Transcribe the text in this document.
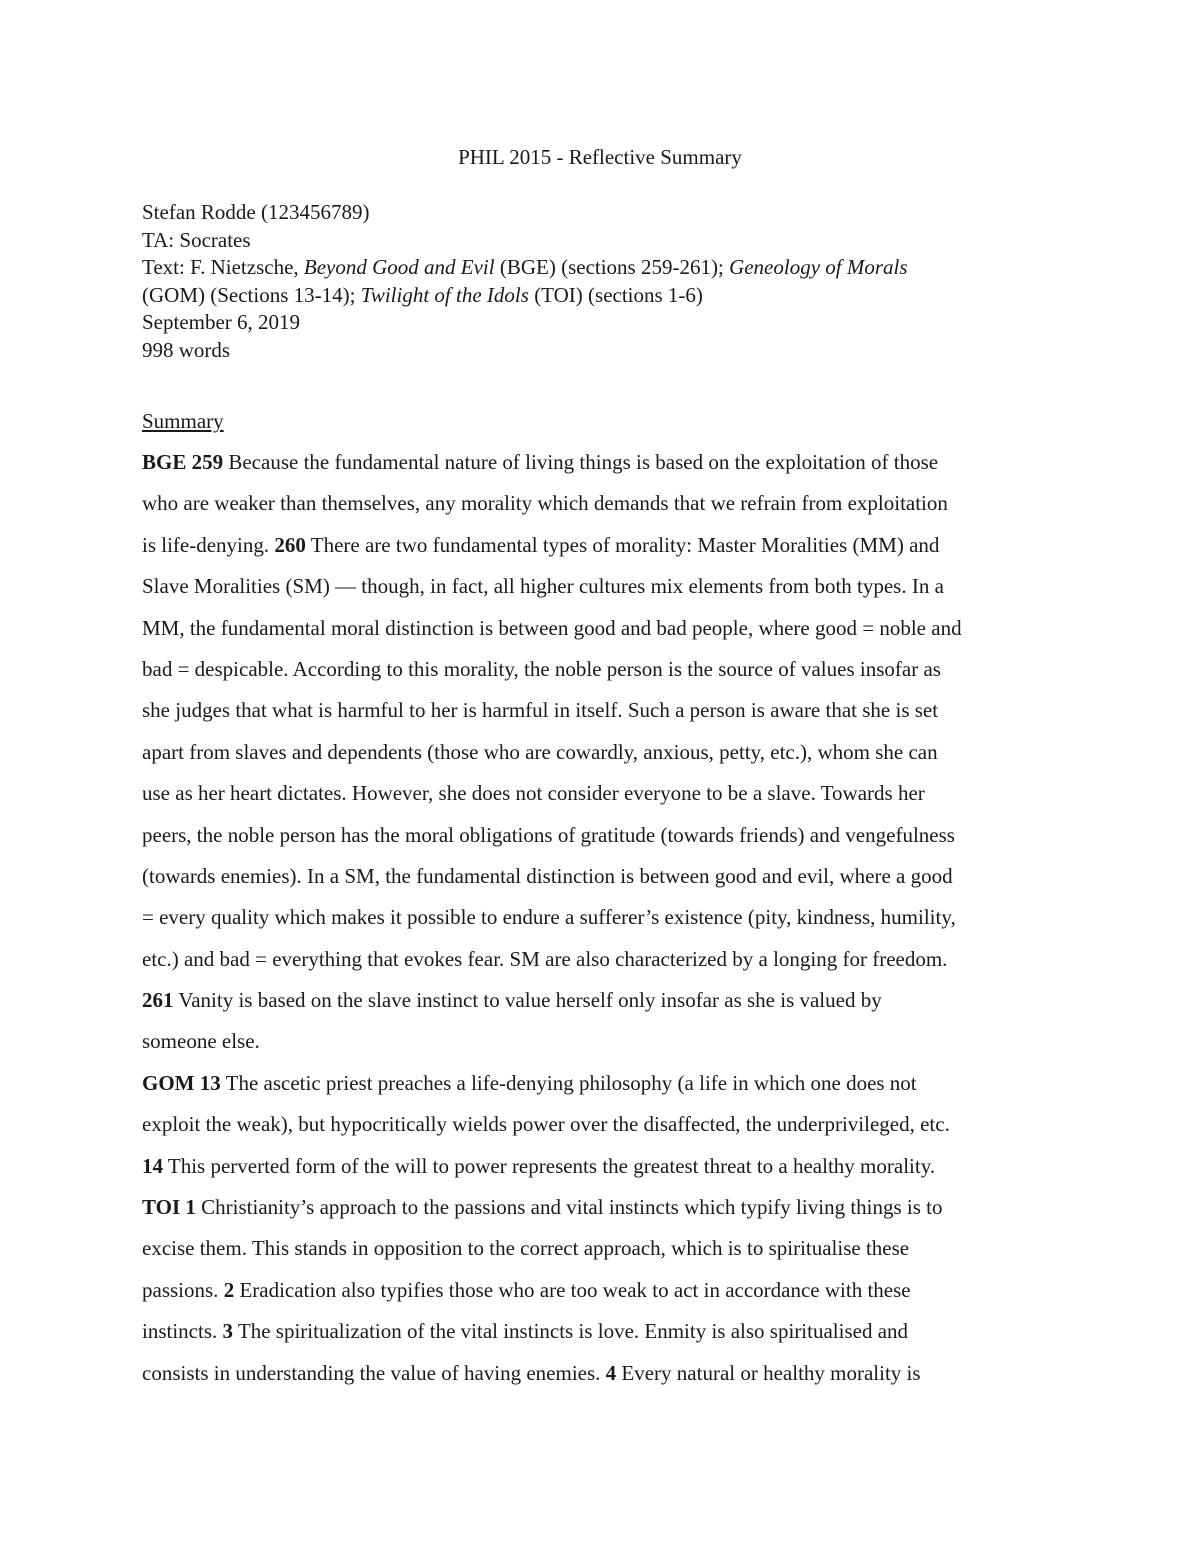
PHIL 2015 - Reflective Summary
Stefan Rodde (123456789)
TA: Socrates
Text: F. Nietzsche, Beyond Good and Evil (BGE) (sections 259-261); Geneology of Morals
(GOM) (Sections 13-14); Twilight of the Idols (TOI) (sections 1-6)
September 6, 2019
998 words
Summary
BGE 259 Because the fundamental nature of living things is based on the exploitation of those
who are weaker than themselves, any morality which demands that we refrain from exploitation
is life-denying. 260 There are two fundamental types of morality: Master Moralities (MM) and
Slave Moralities (SM) — though, in fact, all higher cultures mix elements from both types. In a
MM, the fundamental moral distinction is between good and bad people, where good = noble and
bad = despicable. According to this morality, the noble person is the source of values insofar as
she judges that what is harmful to her is harmful in itself. Such a person is aware that she is set
apart from slaves and dependents (those who are cowardly, anxious, petty, etc.), whom she can
use as her heart dictates. However, she does not consider everyone to be a slave. Towards her
peers, the noble person has the moral obligations of gratitude (towards friends) and vengefulness
(towards enemies). In a SM, the fundamental distinction is between good and evil, where a good
= every quality which makes it possible to endure a sufferer’s existence (pity, kindness, humility,
etc.) and bad = everything that evokes fear. SM are also characterized by a longing for freedom.
261 Vanity is based on the slave instinct to value herself only insofar as she is valued by
someone else.
GOM 13 The ascetic priest preaches a life-denying philosophy (a life in which one does not
exploit the weak), but hypocritically wields power over the disaffected, the underprivileged, etc.
14 This perverted form of the will to power represents the greatest threat to a healthy morality.
TOI 1 Christianity’s approach to the passions and vital instincts which typify living things is to
excise them. This stands in opposition to the correct approach, which is to spiritualise these
passions. 2 Eradication also typifies those who are too weak to act in accordance with these
instincts. 3 The spiritualization of the vital instincts is love. Enmity is also spiritualised and
consists in understanding the value of having enemies. 4 Every natural or healthy morality is
